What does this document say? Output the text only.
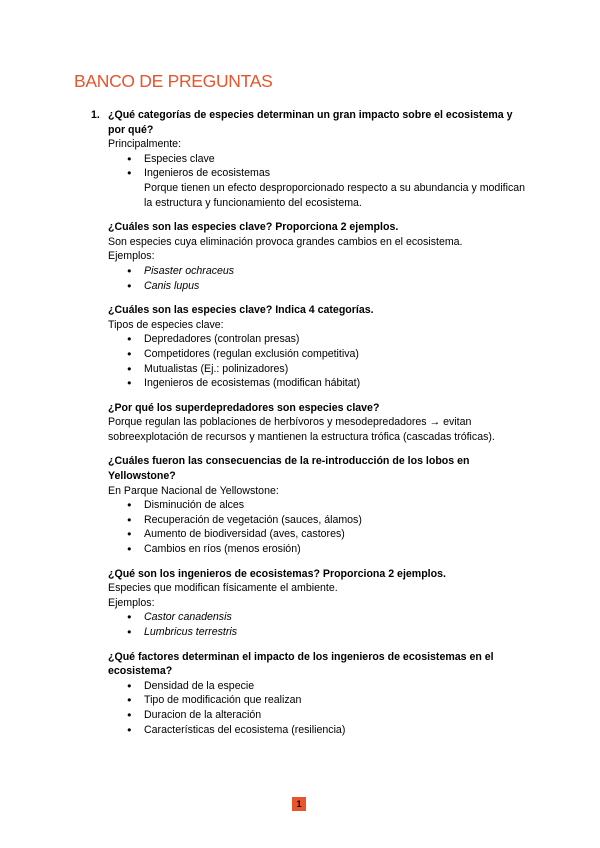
BANCO DE PREGUNTAS

1. ¿Qué categorías de especies determinan un gran impacto sobre el ecosistema y por qué?

Principalmente:

● Especies clave
● Ingenieros de ecosistemas
Porque tienen un efecto desproporcionado respecto a su abundancia y modifican la estructura y funcionamiento del ecosistema.

¿Cuáles son las especies clave? Proporciona 2 ejemplos.

Son especies cuya eliminación provoca grandes cambios en el ecosistema.

Ejemplos:

● Pisaster ochraceus
● Canis lupus

¿Cuáles son las especies clave? Indica 4 categorías.

Tipos de especies clave:

● Depredadores (controlan presas)
● Competidores (regulan exclusión competitiva)
● Mutualistas (Ej.: polinizadores)
● Ingenieros de ecosistemas (modifican hábitat)

¿Por qué los superdepredadores son especies clave?

Porque regulan las poblaciones de herbívoros y mesodepredadores → evitan sobreexplotación de recursos y mantienen la estructura trófica (cascadas tróficas).

¿Cuáles fueron las consecuencias de la re-introducción de los lobos en Yellowstone?

En Parque Nacional de Yellowstone:

● Disminución de alces
● Recuperación de vegetación (sauces, álamos)
● Aumento de biodiversidad (aves, castores)
● Cambios en ríos (menos erosión)

¿Qué son los ingenieros de ecosistemas? Proporciona 2 ejemplos.

Especies que modifican físicamente el ambiente.

Ejemplos:

● Castor canadensis
● Lumbricus terrestris

¿Qué factores determinan el impacto de los ingenieros de ecosistemas en el ecosistema?

● Densidad de la especie
● Tipo de modificación que realizan
● Duracion de la alteración
● Características del ecosistema (resiliencia)
1
